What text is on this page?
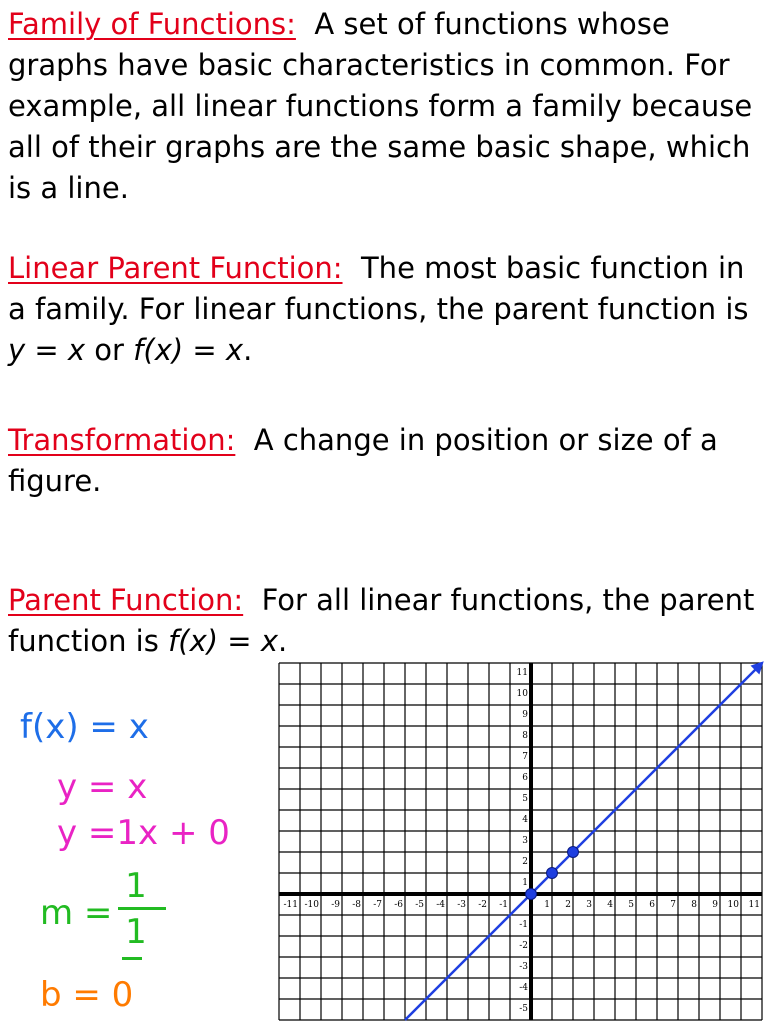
Family of Functions: A set of functions whose graphs have basic characteristics in common. For example, all linear functions form a family because all of their graphs are the same basic shape, which is a line.

Linear Parent Function: The most basic function in a family. For linear functions, the parent function is y = x or f(x) = x.

Transformation: A change in position or size of a figure.

Parent Function: For all linear functions, the parent function is f(x) = x.

f(x) = x
y = x
y =1x + 0
m =
1
1
b = 0
-11 -10 -9 -8 -7 -6 -5 -4 -3 -2 -1	1 2 3 4 5 6 7 8 9 10 11
11
10
9
8
7
6
5
4
3
2
1
-1
-2
-3
-4
-5
